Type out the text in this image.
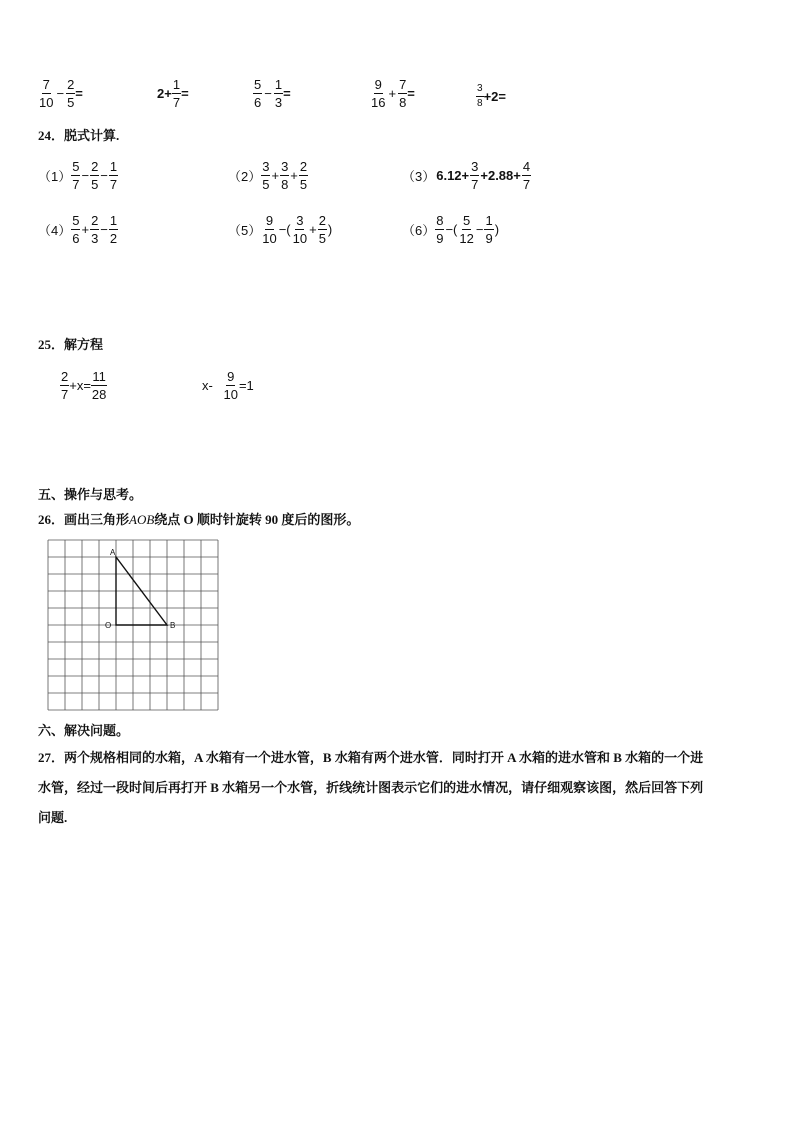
$\frac{7}{10} - \frac{2}{5}$ =	$2+ \frac{1}{7}$ =	$\frac{5}{6} - \frac{1}{3}$ =	$\frac{9}{16} + \frac{7}{8}$ =	$\frac{3}{8} +2=$
24．脱式计算.
$(1) \frac{5}{7} - \frac{2}{5} - \frac{1}{7}$	$(2) \frac{3}{5} + \frac{3}{8} + \frac{2}{5}$	$(3)6.12+ \frac{3}{7} +2.88+ \frac{4}{7}$
$(4) \frac{5}{6} + \frac{2}{3} - \frac{1}{2}$	$(5) \frac{9}{10}$ −( $\frac{3}{10} + \frac{2}{5}$ )	$(6) \frac{8}{9}$ −( $\frac{5}{12} - \frac{1}{9}$ )
25．解方程
$\frac{2}{7} +x= \frac{11}{28}$	$x- \frac{9}{10} =1$
五、操作与思考。
26．画出三角形AOB绕点 O 顺时针旋转 90 度后的图形。
A
O	B
六、解决问题。
27．两个规格相同的水箱，A 水箱有一个进水管，B 水箱有两个进水管．同时打开 A 水箱的进水管和 B 水箱的一个进
水管，经过一段时间后再打开 B 水箱另一个水管，折线统计图表示它们的进水情况，请仔细观察该图，然后回答下列
问题.
